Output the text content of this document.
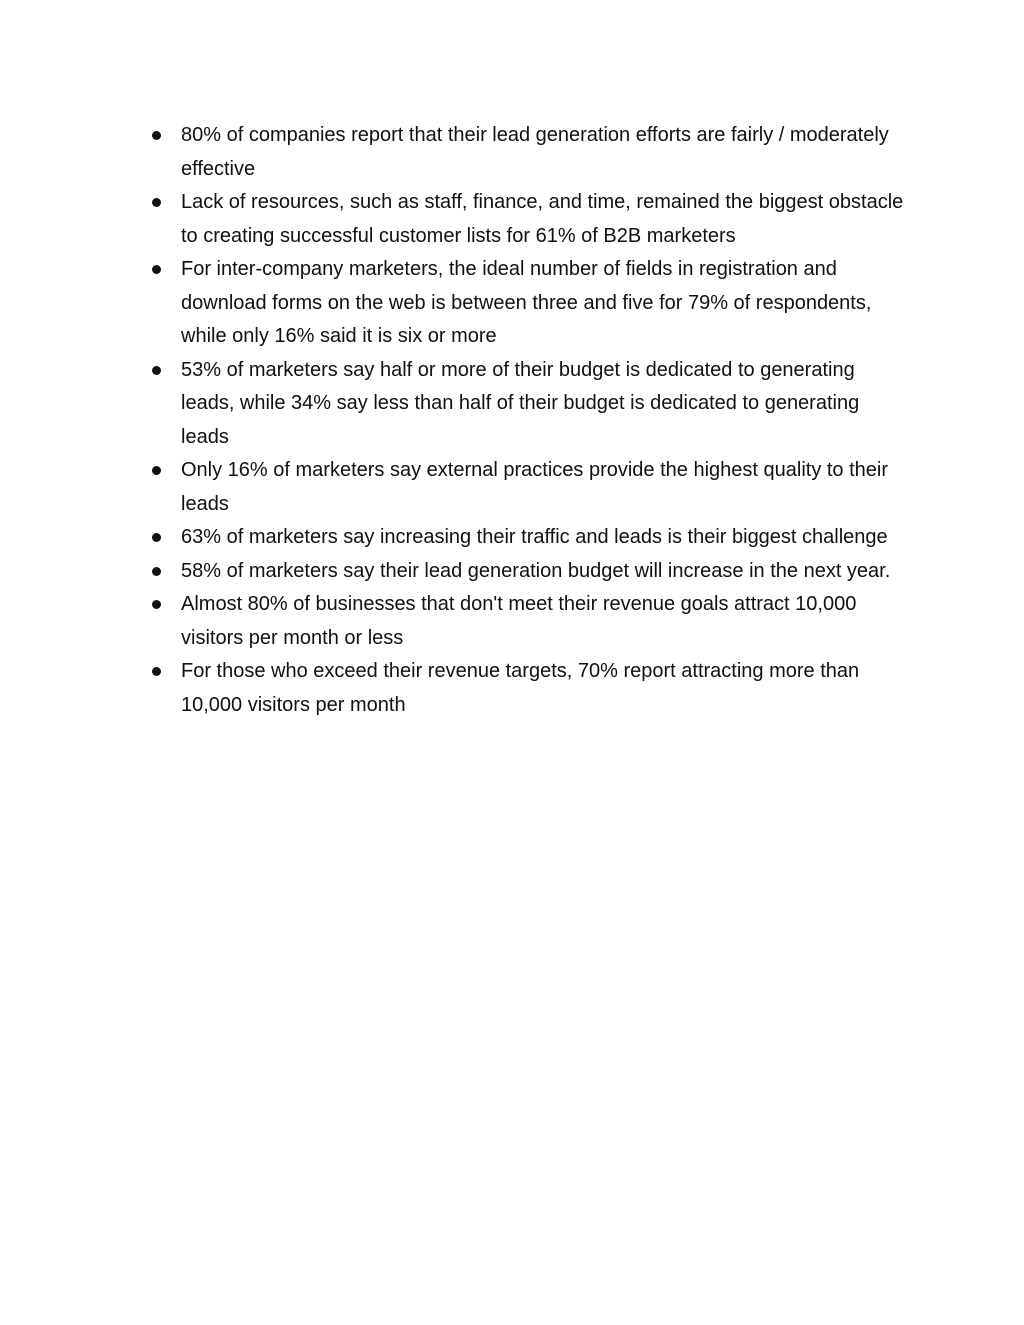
80% of companies report that their lead generation efforts are fairly / moderately effective
Lack of resources, such as staff, finance, and time, remained the biggest obstacle to creating successful customer lists for 61% of B2B marketers
For inter-company marketers, the ideal number of fields in registration and download forms on the web is between three and five for 79% of respondents, while only 16% said it is six or more
53% of marketers say half or more of their budget is dedicated to generating leads, while 34% say less than half of their budget is dedicated to generating leads
Only 16% of marketers say external practices provide the highest quality to their leads
63% of marketers say increasing their traffic and leads is their biggest challenge
58% of marketers say their lead generation budget will increase in the next year.
Almost 80% of businesses that don't meet their revenue goals attract 10,000 visitors per month or less
For those who exceed their revenue targets, 70% report attracting more than 10,000 visitors per month
